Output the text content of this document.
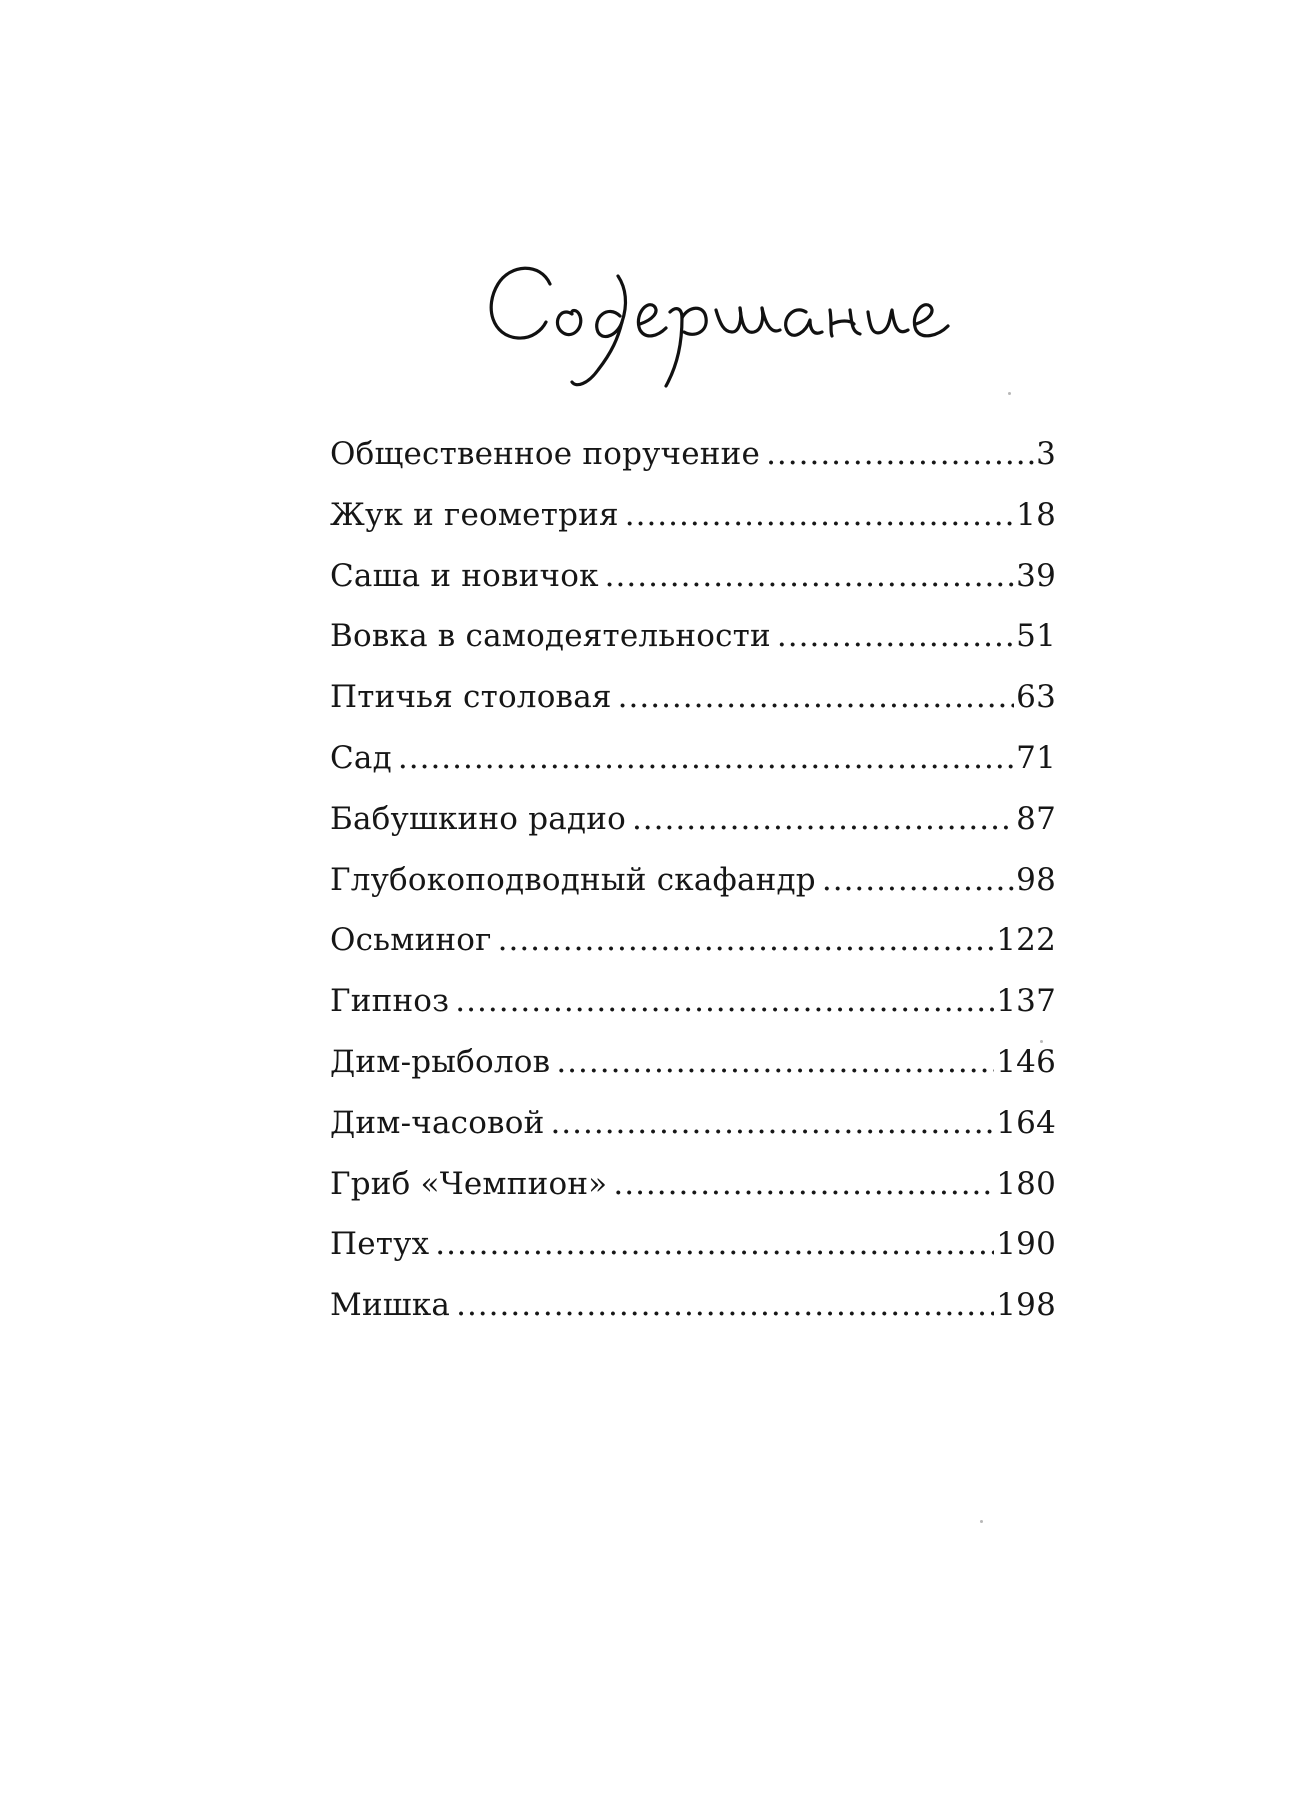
Общественное поручение .....	3
Жук и геометрия .....	18
Саша и новичок .....	39
Вовка в самодеятельности .....	51
Птичья столовая .....	63
Сад .....	71
Бабушкино радио .....	87
Глубокоподводный скафандр .....	98
Осьминог .....	122
Гипноз .....	137
Дим-рыболов .....	146
Дим-часовой .....	164
Гриб «Чемпион» .....	180
Петух .....	190
Мишка .....	198
